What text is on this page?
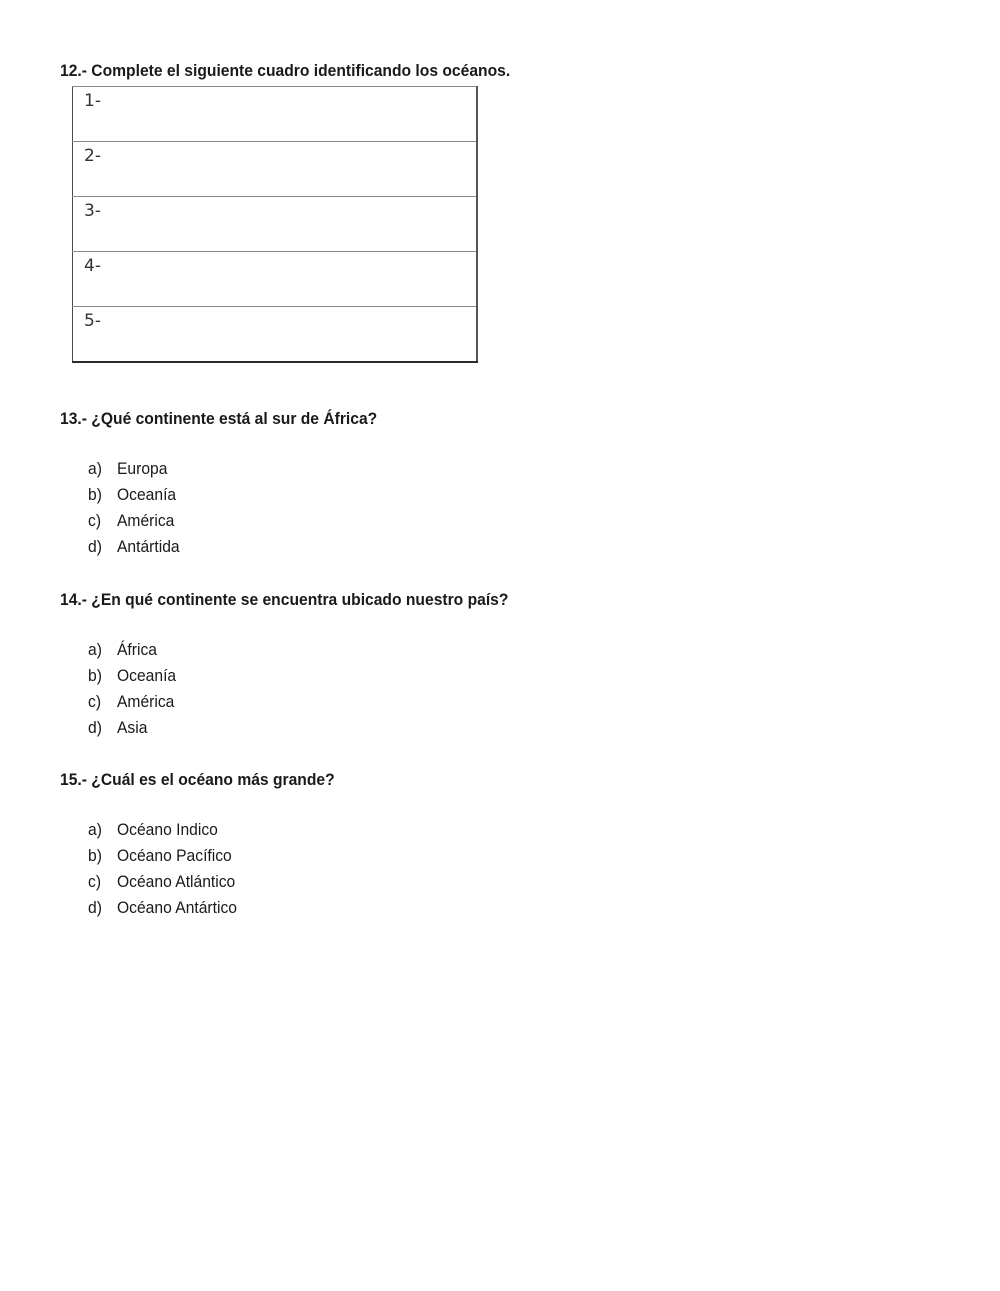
12.- Complete el siguiente cuadro identificando los océanos.
1-
2-
3-
4-
5-
13.- ¿Qué continente está al sur de África?
a) Europa
b) Oceanía
c) América
d) Antártida
14.- ¿En qué continente se encuentra ubicado nuestro país?
a) África
b) Oceanía
c) América
d) Asia
15.- ¿Cuál es el océano más grande?
a) Océano Indico
b) Océano Pacífico
c) Océano Atlántico
d) Océano Antártico
